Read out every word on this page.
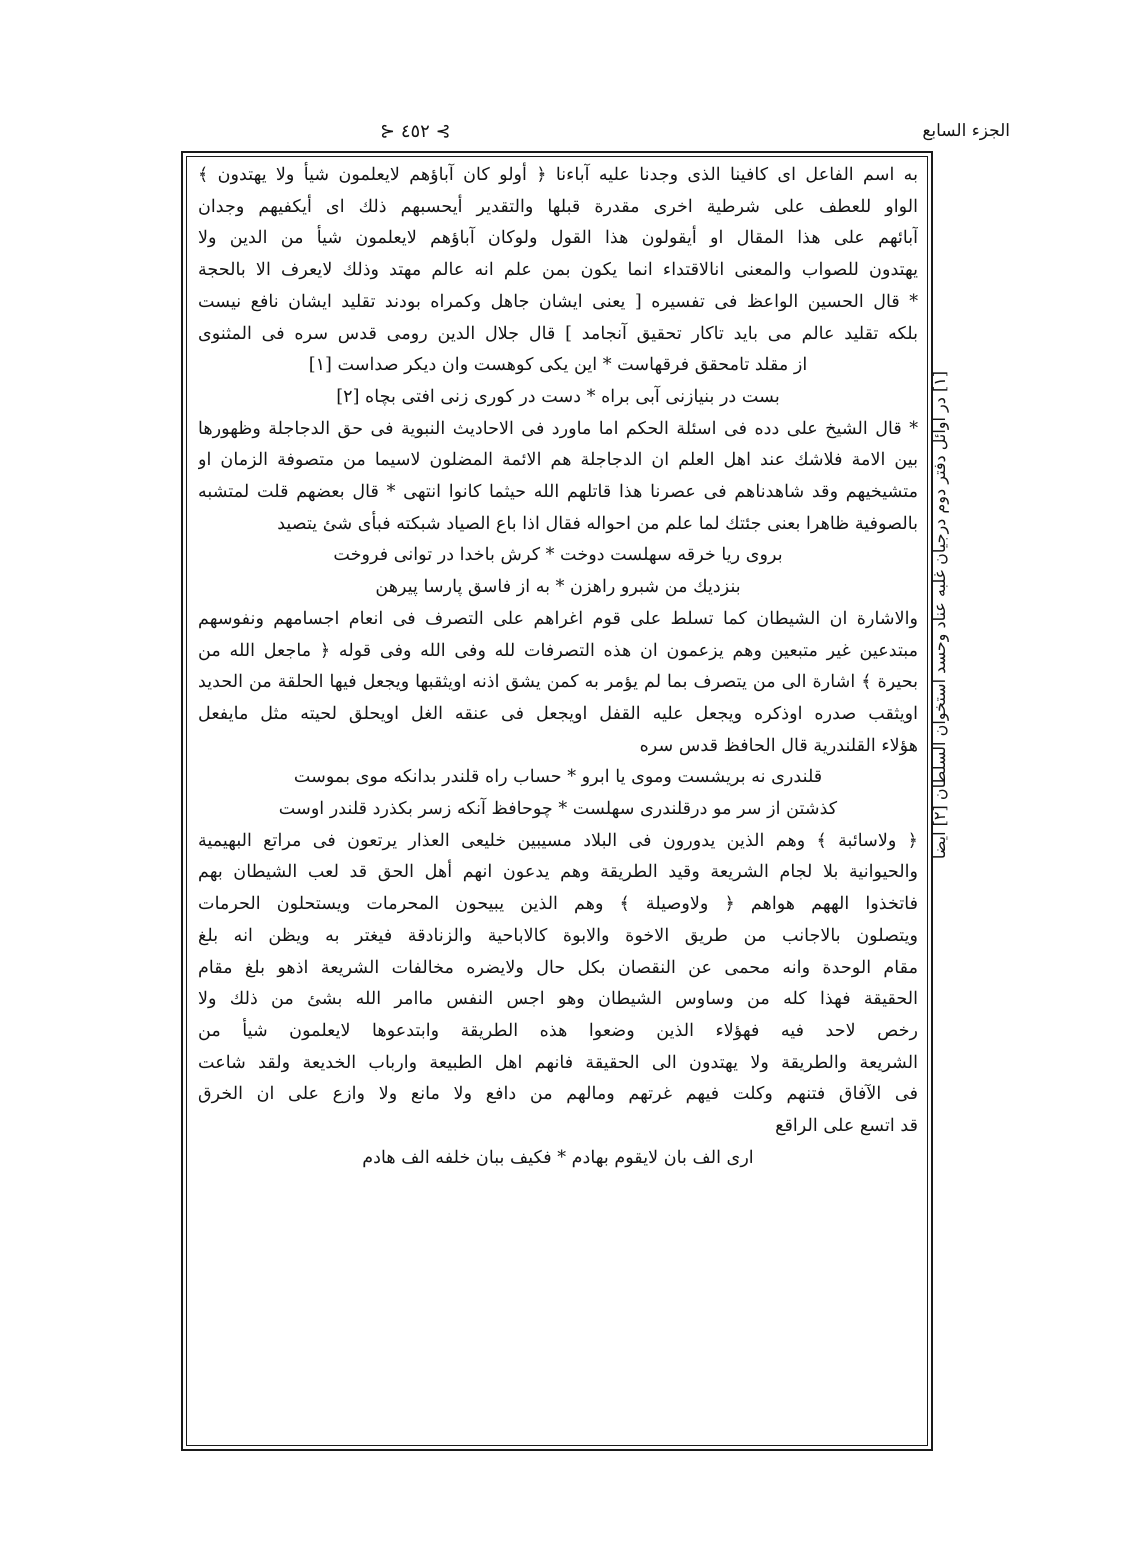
الجزء السابع
⊱ ٤٥٢ ⊰

به اسم الفاعل اى كافينا الذى وجدنا عليه آباءنا ﴿ أولو كان آباؤهم لايعلمون شيأ ولا يهتدون ﴾

الواو للعطف على شرطية اخرى مقدرة قبلها والتقدير أيحسبهم ذلك اى أيكفيهم وجدان

آبائهم على هذا المقال او أيقولون هذا القول ولوكان آباؤهم لايعلمون شيأ من الدين ولا

يهتدون للصواب والمعنى انالاقتداء انما يكون بمن علم انه عالم مهتد وذلك لايعرف الا بالحجة

* قال الحسين الواعظ فى تفسيره [ يعنى ايشان جاهل وكمراه بودند تقليد ايشان نافع نيست

بلكه تقليد عالم مى بايد تاكار تحقيق آنجامد ] قال جلال الدين رومى قدس سره فى المثنوى

از مقلد تامحقق فرقهاست * اين يكى كوهست وان ديكر صداست [١]

بست در بنيازنى آبى براه * دست در كورى زنى افتى بچاه [٢]

* قال الشيخ على دده فى اسئلة الحكم اما ماورد فى الاحاديث النبوية فى حق الدجاجلة وظهورها

بين الامة فلاشك عند اهل العلم ان الدجاجلة هم الائمة المضلون لاسيما من متصوفة الزمان او

متشيخيهم وقد شاهدناهم فى عصرنا هذا قاتلهم الله حيثما كانوا انتهى * قال بعضهم قلت لمتشبه

بالصوفية ظاهرا بعنى جئتك لما علم من احواله فقال اذا باع الصياد شبكته فبأى شئ يتصيد

بروى ريا خرقه سهلست دوخت * كرش باخدا در توانى فروخت

بنزديك من شبرو راهزن * به از فاسق پارسا پيرهن

والاشارة ان الشيطان كما تسلط على قوم اغراهم على التصرف فى انعام اجسامهم ونفوسهم

مبتدعين غير متبعين وهم يزعمون ان هذه التصرفات لله وفى الله وفى قوله ﴿ ماجعل الله من

بحيرة ﴾ اشارة الى من يتصرف بما لم يؤمر به كمن يشق اذنه اويثقبها ويجعل فيها الحلقة من الحديد

اويثقب صدره اوذكره ويجعل عليه القفل اويجعل فى عنقه الغل اويحلق لحيته مثل مايفعل

هؤلاء القلندرية قال الحافظ قدس سره

قلندرى نه بريشست وموى يا ابرو * حساب راه قلندر بدانكه موى بموست

كذشتن از سر مو درقلندرى سهلست * چوحافظ آنكه زسر بكذرد قلندر اوست

﴿ ولاسائبة ﴾ وهم الذين يدورون فى البلاد مسيبين خليعى العذار يرتعون فى مراتع البهيمية

والحيوانية بلا لجام الشريعة وقيد الطريقة وهم يدعون انهم أهل الحق قد لعب الشيطان بهم

فاتخذوا الههم هواهم ﴿ ولاوصيلة ﴾ وهم الذين يبيحون المحرمات ويستحلون الحرمات

ويتصلون بالاجانب من طريق الاخوة والابوة كالاباحية والزنادقة فيغتر به ويظن انه بلغ

مقام الوحدة وانه محمى عن النقصان بكل حال ولايضره مخالفات الشريعة اذهو بلغ مقام

الحقيقة فهذا كله من وساوس الشيطان وهو اجس النفس ماامر الله بشئ من ذلك ولا

رخص لاحد فيه فهؤلاء الذين وضعوا هذه الطريقة وابتدعوها لايعلمون شيأ من

الشريعة والطريقة ولا يهتدون الى الحقيقة فانهم اهل الطبيعة وارباب الخديعة ولقد شاعت

فى الآفاق فتنهم وكلت فيهم غرتهم ومالهم من دافع ولا مانع ولا وازع على ان الخرق

قد اتسع على الراقع

ارى الف بان لايقوم بهادم * فكيف ببان خلفه الف هادم

[١] در اوائل دفتر دوم درجيان غلبه عناد وحسد استخوان السلطان [٢] ايضا
